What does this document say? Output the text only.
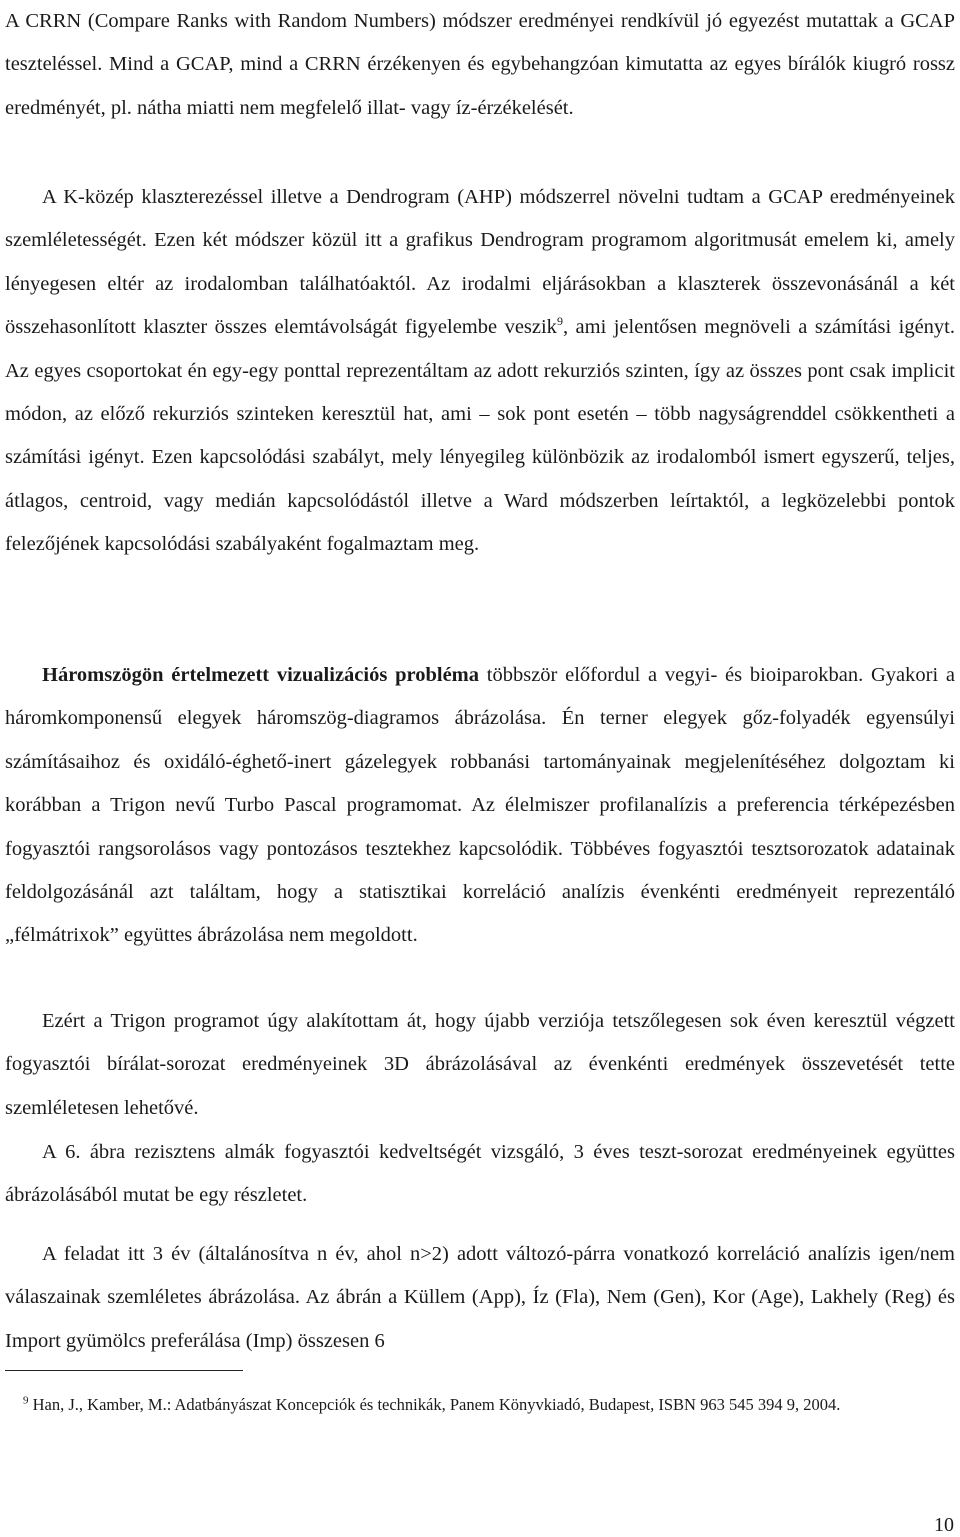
A CRRN (Compare Ranks with Random Numbers) módszer eredményei rendkívül jó egyezést mutattak a GCAP teszteléssel. Mind a GCAP, mind a CRRN érzékenyen és egybehangzóan kimutatta az egyes bírálók kiugró rossz eredményét, pl. nátha miatti nem megfelelő illat- vagy íz-érzékelését.

A K-közép klaszterezéssel illetve a Dendrogram (AHP) módszerrel növelni tudtam a GCAP eredményeinek szemléletességét. Ezen két módszer közül itt a grafikus Dendrogram programom algoritmusát emelem ki, amely lényegesen eltér az irodalomban találhatóaktól. Az irodalmi eljárásokban a klaszterek összevonásánál a két összehasonlított klaszter összes elemtávolságát figyelembe veszik$^9$, ami jelentősen megnöveli a számítási igényt. Az egyes csoportokat én egy-egy ponttal reprezentáltam az adott rekurziós szinten, így az összes pont csak implicit módon, az előző rekurziós szinteken keresztül hat, ami – sok pont esetén – több nagyságrenddel csökkentheti a számítási igényt. Ezen kapcsolódási szabályt, mely lényegileg különbözik az irodalomból ismert egyszerű, teljes, átlagos, centroid, vagy medián kapcsolódástól illetve a Ward módszerben leírtaktól, a legközelebbi pontok felezőjének kapcsolódási szabályaként fogalmaztam meg.

Háromszögön értelmezett vizualizációs probléma többször előfordul a vegyi- és bioiparokban. Gyakori a háromkomponensű elegyek háromszög-diagramos ábrázolása. Én terner elegyek gőz-folyadék egyensúlyi számításaihoz és oxidáló-éghető-inert gázelegyek robbanási tartományainak megjelenítéséhez dolgoztam ki korábban a Trigon nevű Turbo Pascal programomat. Az élelmiszer profilanalízis a preferencia térképezésben fogyasztói rangsorolásos vagy pontozásos tesztekhez kapcsolódik. Többéves fogyasztói tesztsorozatok adatainak feldolgozásánál azt találtam, hogy a statisztikai korreláció analízis évenkénti eredményeit reprezentáló „félmátrixok” együttes ábrázolása nem megoldott.

Ezért a Trigon programot úgy alakítottam át, hogy újabb verziója tetszőlegesen sok éven keresztül végzett fogyasztói bírálat-sorozat eredményeinek 3D ábrázolásával az évenkénti eredmények összevetését tette szemléletesen lehetővé.

A 6. ábra rezisztens almák fogyasztói kedveltségét vizsgáló, 3 éves teszt-sorozat eredményeinek együttes ábrázolásából mutat be egy részletet.

A feladat itt 3 év (általánosítva n év, ahol n>2) adott változó-párra vonatkozó korreláció analízis igen/nem válaszainak szemléletes ábrázolása. Az ábrán a Küllem (App), Íz (Fla), Nem (Gen), Kor (Age), Lakhely (Reg) és Import gyümölcs preferálása (Imp) összesen 6

$^9$ Han, J., Kamber, M.: Adatbányászat Koncepciók és technikák, Panem Könyvkiadó, Budapest, ISBN 963 545 394 9, 2004.
10
